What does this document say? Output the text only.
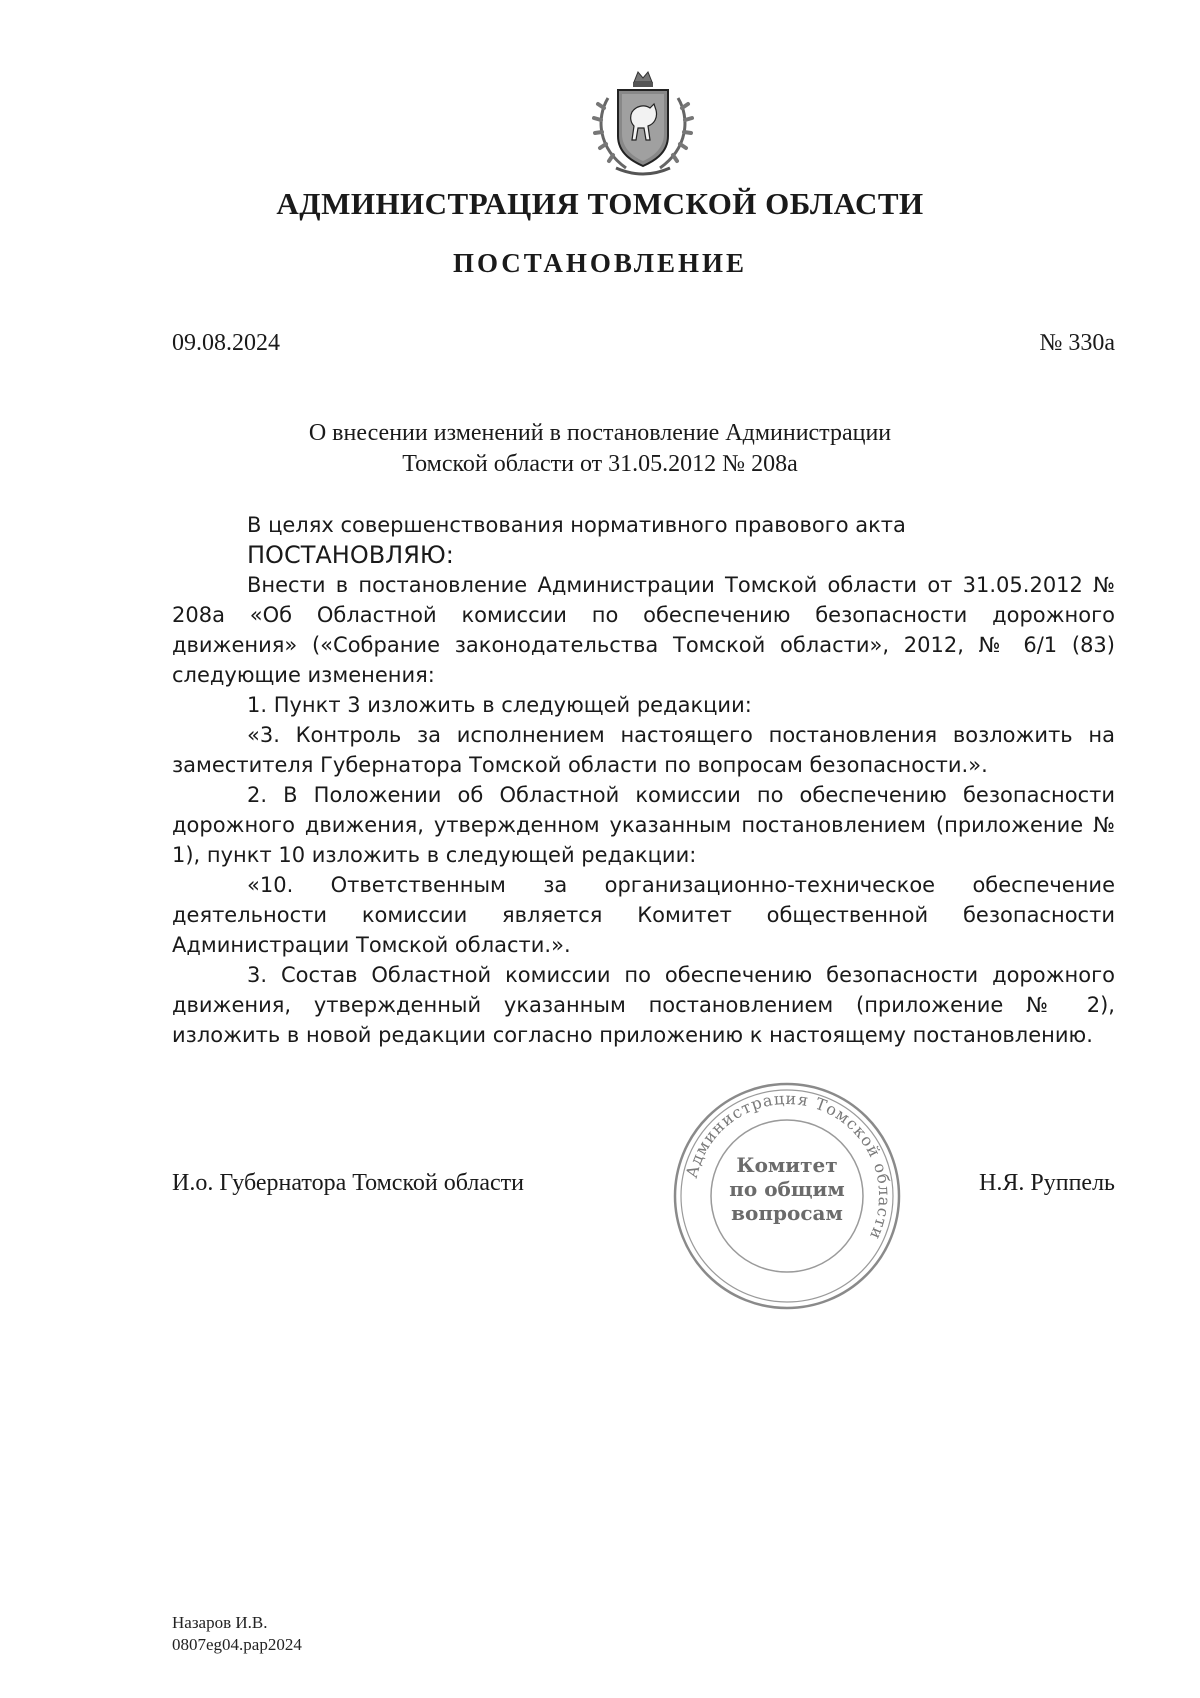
АДМИНИСТРАЦИЯ ТОМСКОЙ ОБЛАСТИ
ПОСТАНОВЛЕНИЕ
09.08.2024	№ 330а
О внесении изменений в постановление Администрации
Томской области от 31.05.2012 № 208а

В целях совершенствования нормативного правового акта

ПОСТАНОВЛЯЮ:

Внести в постановление Администрации Томской области от 31.05.2012 № 208а «Об Областной комиссии по обеспечению безопасности дорожного движения» («Собрание законодательства Томской области», 2012, № 6/1 (83) следующие изменения:

1. Пункт 3 изложить в следующей редакции:

«3. Контроль за исполнением настоящего постановления возложить на заместителя Губернатора Томской области по вопросам безопасности.».

2. В Положении об Областной комиссии по обеспечению безопасности дорожного движения, утвержденном указанным постановлением (приложение № 1), пункт 10 изложить в следующей редакции:

«10. Ответственным за организационно-техническое обеспечение деятельности комиссии является Комитет общественной безопасности Администрации Томской области.».

3. Состав Областной комиссии по обеспечению безопасности дорожного движения, утвержденный указанным постановлением (приложение № 2), изложить в новой редакции согласно приложению к настоящему постановлению.

И.о. Губернатора Томской области	Администрация Томской области
Комитет
по общим
вопросам
Н.Я. Руппель
Назаров И.В.
0807eg04.pap2024
